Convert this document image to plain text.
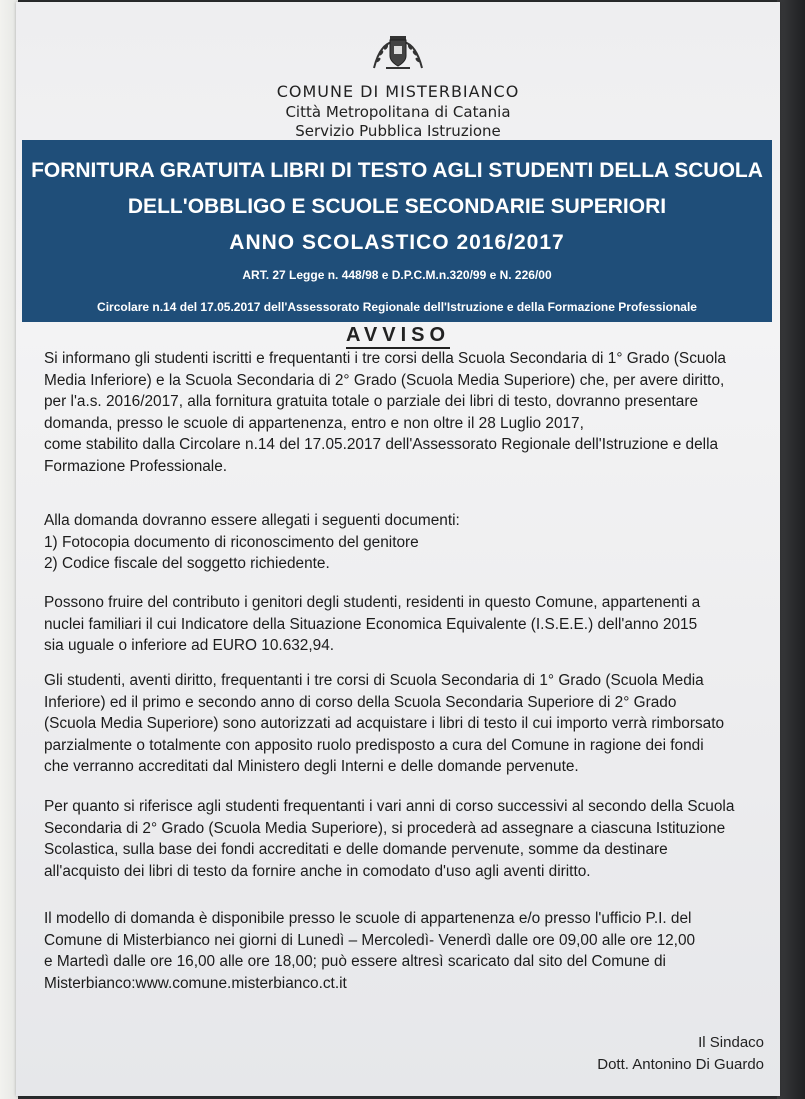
COMUNE DI MISTERBIANCO
Città Metropolitana di Catania
Servizio Pubblica Istruzione
FORNITURA GRATUITA LIBRI DI TESTO AGLI STUDENTI DELLA SCUOLA
DELL'OBBLIGO E SCUOLE SECONDARIE SUPERIORI
ANNO SCOLASTICO 2016/2017
ART. 27 Legge n. 448/98 e D.P.C.M.n.320/99 e N. 226/00
Circolare n.14 del 17.05.2017 dell'Assessorato Regionale dell'Istruzione e della Formazione Professionale
AVVISO
Si informano gli studenti iscritti e frequentanti i tre corsi della Scuola Secondaria di 1° Grado (Scuola
Media Inferiore) e la Scuola Secondaria di 2° Grado (Scuola Media Superiore) che, per avere diritto,
per l'a.s. 2016/2017, alla fornitura gratuita totale o parziale dei libri di testo, dovranno presentare
domanda, presso le scuole di appartenenza, entro e non oltre il 28 Luglio 2017,
come stabilito dalla Circolare n.14 del 17.05.2017 dell'Assessorato Regionale dell'Istruzione e della
Formazione Professionale.
Alla domanda dovranno essere allegati i seguenti documenti:
1) Fotocopia documento di riconoscimento del genitore
2) Codice fiscale del soggetto richiedente.
Possono fruire del contributo i genitori degli studenti, residenti in questo Comune, appartenenti a
nuclei familiari il cui Indicatore della Situazione Economica Equivalente (I.S.E.E.) dell'anno 2015
sia uguale o inferiore ad EURO 10.632,94.
Gli studenti, aventi diritto, frequentanti i tre corsi di Scuola Secondaria di 1° Grado (Scuola Media
Inferiore) ed il primo e secondo anno di corso della Scuola Secondaria Superiore di 2° Grado
(Scuola Media Superiore) sono autorizzati ad acquistare i libri di testo il cui importo verrà rimborsato
parzialmente o totalmente con apposito ruolo predisposto a cura del Comune in ragione dei fondi
che verranno accreditati dal Ministero degli Interni e delle domande pervenute.
Per quanto si riferisce agli studenti frequentanti i vari anni di corso successivi al secondo della Scuola
Secondaria di 2° Grado (Scuola Media Superiore), si procederà ad assegnare a ciascuna Istituzione
Scolastica, sulla base dei fondi accreditati e delle domande pervenute, somme da destinare
all'acquisto dei libri di testo da fornire anche in comodato d'uso agli aventi diritto.
Il modello di domanda è disponibile presso le scuole di appartenenza e/o presso l'ufficio P.I. del
Comune di Misterbianco nei giorni di Lunedì – Mercoledì- Venerdì dalle ore 09,00 alle ore 12,00
e Martedì dalle ore 16,00 alle ore 18,00; può essere altresì scaricato dal sito del Comune di
Misterbianco:www.comune.misterbianco.ct.it
Il Sindaco
Dott. Antonino Di Guardo
